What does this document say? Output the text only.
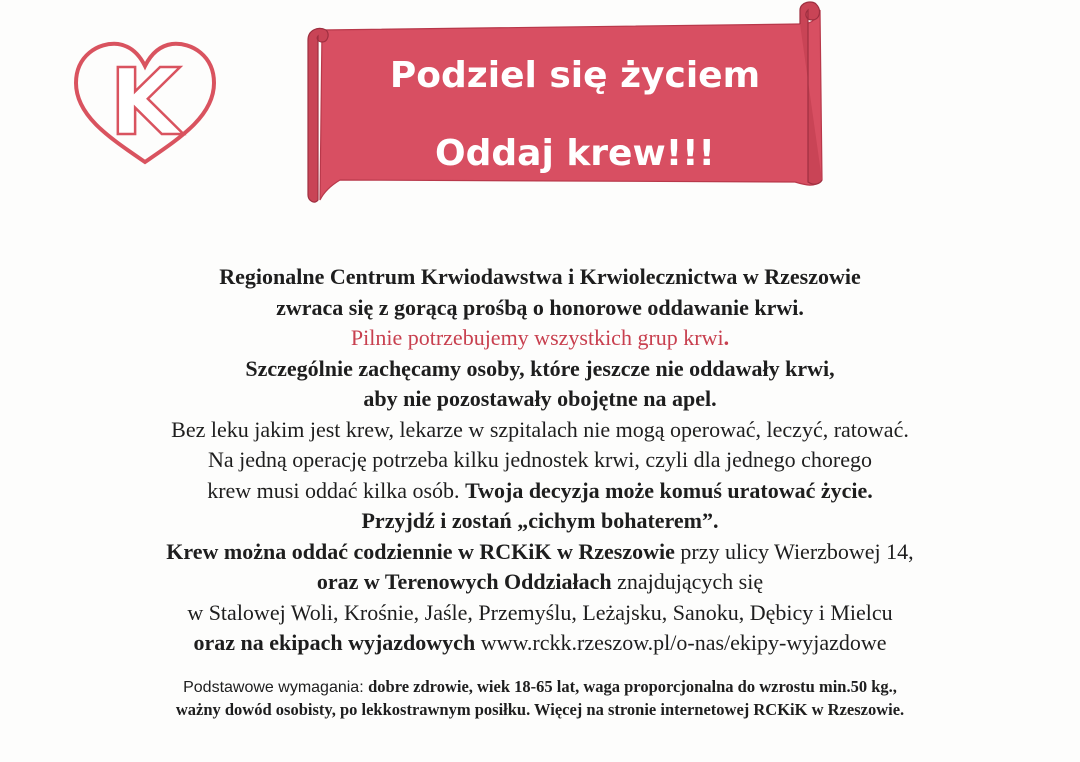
K	Podziel się życiem
Oddaj krew!!!
Regionalne Centrum Krwiodawstwa i Krwiolecznictwa w Rzeszowie
zwraca się z gorącą prośbą o honorowe oddawanie krwi.
Pilnie potrzebujemy wszystkich grup krwi.
Szczególnie zachęcamy osoby, które jeszcze nie oddawały krwi,
aby nie pozostawały obojętne na apel.
Bez leku jakim jest krew, lekarze w szpitalach nie mogą operować, leczyć, ratować.
Na jedną operację potrzeba kilku jednostek krwi, czyli dla jednego chorego
krew musi oddać kilka osób. Twoja decyzja może komuś uratować życie.
Przyjdź i zostań „cichym bohaterem”.
Krew można oddać codziennie w RCKiK w Rzeszowie przy ulicy Wierzbowej 14,
oraz w Terenowych Oddziałach znajdujących się
w Stalowej Woli, Krośnie, Jaśle, Przemyślu, Leżajsku, Sanoku, Dębicy i Mielcu
oraz na ekipach wyjazdowych www.rckk.rzeszow.pl/o-nas/ekipy-wyjazdowe
Podstawowe wymagania: dobre zdrowie, wiek 18-65 lat, waga proporcjonalna do wzrostu min.50 kg.,
ważny dowód osobisty, po lekkostrawnym posiłku. Więcej na stronie internetowej RCKiK w Rzeszowie.
